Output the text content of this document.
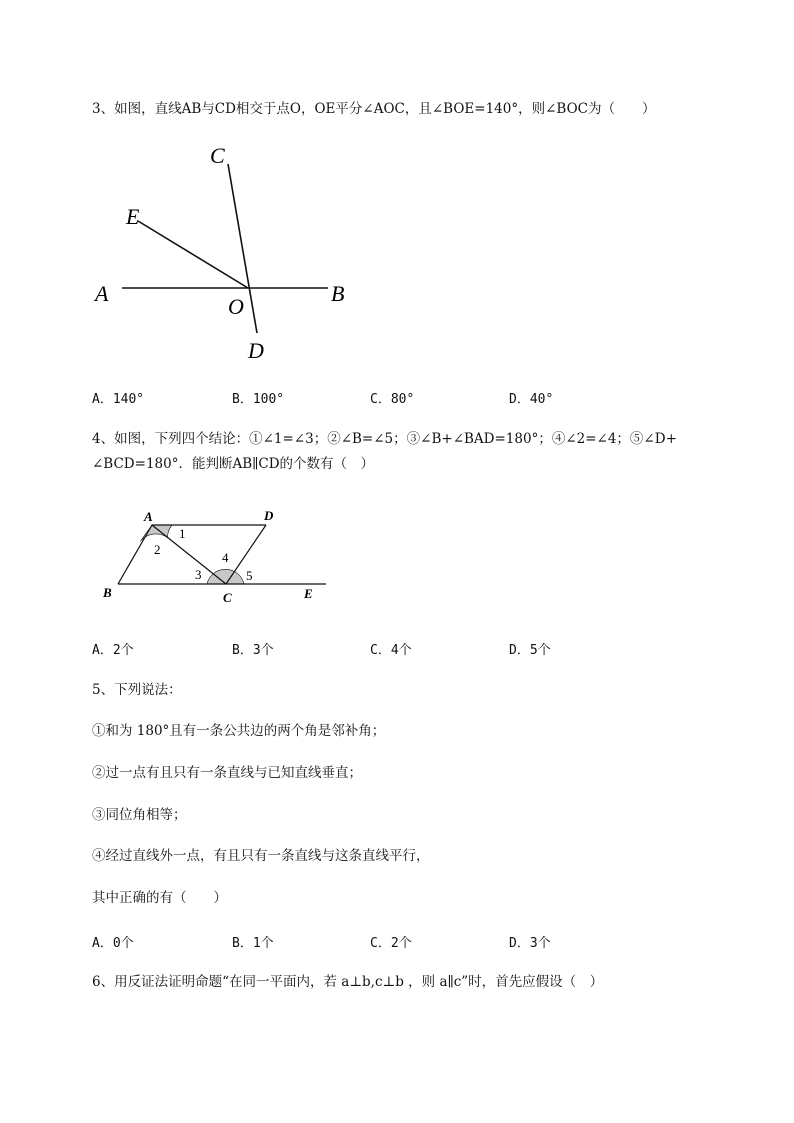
3、如图，直线AB与CD相交于点O，OE平分∠AOC，且∠BOE=140°，则∠BOC为（　　）
C
E
A
O
B
D
A．140°	B．100°	C．80°	D．40°
4、如图，下列四个结论：①∠1=∠3；②∠B=∠5；③∠B+∠BAD=180°；④∠2=∠4；⑤∠D+
∠BCD=180°．能判断AB∥CD的个数有（　）
A	D
B	C	E
1
2
3
4
5
A．2个	B．3个	C．4个	D．5个
5、下列说法：
①和为 180°且有一条公共边的两个角是邻补角；
②过一点有且只有一条直线与已知直线垂直；
③同位角相等；
④经过直线外一点，有且只有一条直线与这条直线平行，
其中正确的有（　　）
A．0个	B．1个	C．2个	D．3个
6、用反证法证明命题“在同一平面内，若 a⊥b,c⊥b ，则 a∥c”时，首先应假设（　）
